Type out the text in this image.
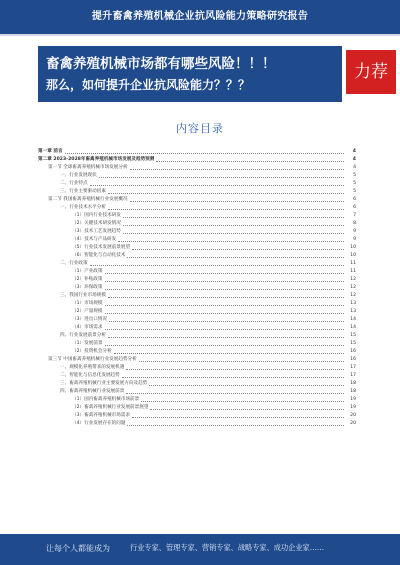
提升畜禽养殖机械企业抗风险能力策略研究报告
畜禽养殖机械市场都有哪些风险！！！
那么，如何提升企业抗风险能力？？？
力荐
内容目录
第一章 前言	4
第二章 2023-2028年畜禽养殖机械市场发展及趋势预测	4
第一节 全球畜禽养殖机械市场发展分析	4
一、行业发展现状	5
二、行业特点	5
三、行业主要驱动因素	5
第二节 我国畜禽养殖机械行业发展概况	6
一、行业技术水平分析	6
（1）国内行业技术研发	7
（2）关键技术研发情况	8
（3）技术工艺发展趋势	9
（4）技术与产品研发	9
（5）行业技术发展前景展望	10
（6）智能化与自动化技术	10
二、行业政策	11
（1）产业政策	11
（2）补贴政策	12
（3）环保政策	12
三、我国行业市场规模	12
（1）市场规模	13
（2）产量规模	13
（3）进出口情况	14
（4）市场需求	14
四、行业发展前景分析	15
（1）发展前景	15
（2）投资机会分析	16
第三节 中国畜禽养殖机械行业发展趋势分析	16
一、规模化养殖带来的发展机遇	17
二、智能化与信息化发展趋势	17
三、畜禽养殖机械行业主要发展方向及趋势	18
四、畜禽养殖机械行业发展前景	18
（1）国内畜禽养殖机械市场前景	19
（2）畜禽养殖机械行业发展前景展望	19
（3）畜禽养殖机械市场需求	20
（4）行业发展存在的问题	20
让每个人都能成为	行业专家、管理专家、营销专家、战略专家、成功企业家……
